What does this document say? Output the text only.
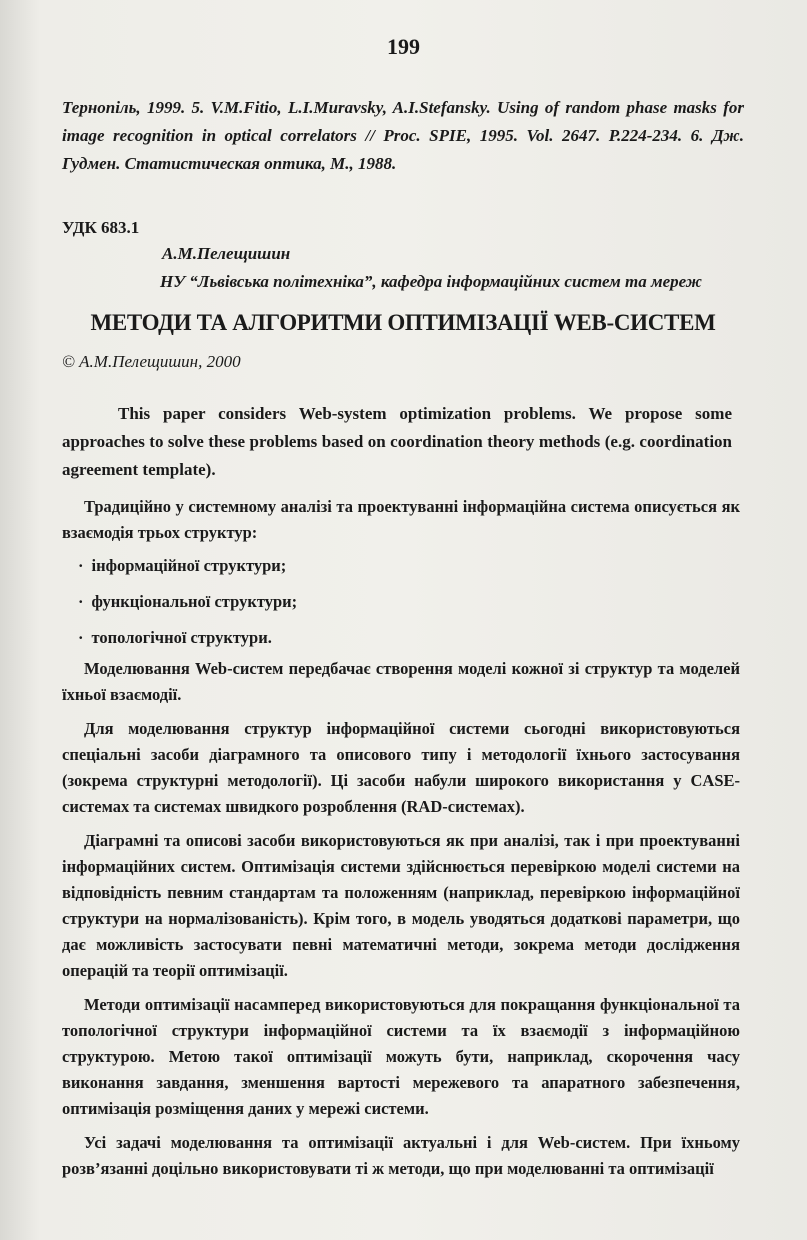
199
Тернопіль, 1999. 5. V.M.Fitio, L.I.Muravsky, A.I.Stefansky. Using of random phase masks for image recognition in optical correlators // Proc. SPIE, 1995. Vol. 2647. P.224-234. 6. Дж. Гудмен. Статистическая оптика, М., 1988.
УДК 683.1
А.М.Пелещишин
НУ “Львівська політехніка”, кафедра інформаційних систем та мереж
МЕТОДИ ТА АЛГОРИТМИ ОПТИМІЗАЦІЇ WEB-СИСТЕМ
© А.М.Пелещишин, 2000
This paper considers Web-system optimization problems. We propose some approaches to solve these problems based on coordination theory methods (e.g. coordination agreement template).
Традиційно у системному аналізі та проектуванні інформаційна система описується як взаємодія трьох структур:
· інформаційної структури;
· функціональної структури;
· топологічної структури.

Моделювання Web-систем передбачає створення моделі кожної зі структур та моделей їхньої взаємодії.

Для моделювання структур інформаційної системи сьогодні використовуються спеціальні засоби діаграмного та описового типу і методології їхнього застосування (зокрема структурні методології). Ці засоби набули широкого використання у CASE-системах та системах швидкого розроблення (RAD-системах).

Діаграмні та описові засоби використовуються як при аналізі, так і при проектуванні інформаційних систем. Оптимізація системи здійснюється перевіркою моделі системи на відповідність певним стандартам та положенням (наприклад, перевіркою інформаційної структури на нормалізованість). Крім того, в модель уводяться додаткові параметри, що дає можливість застосувати певні математичні методи, зокрема методи дослідження операцій та теорії оптимізації.

Методи оптимізації насамперед використовуються для покращання функціональної та топологічної структури інформаційної системи та їх взаємодії з інформаційною структурою. Метою такої оптимізації можуть бути, наприклад, скорочення часу виконання завдання, зменшення вартості мережевого та апаратного забезпечення, оптимізація розміщення даних у мережі системи.

Усі задачі моделювання та оптимізації актуальні і для Web-систем. При їхньому розв’язанні доцільно використовувати ті ж методи, що при моделюванні та оптимізації
